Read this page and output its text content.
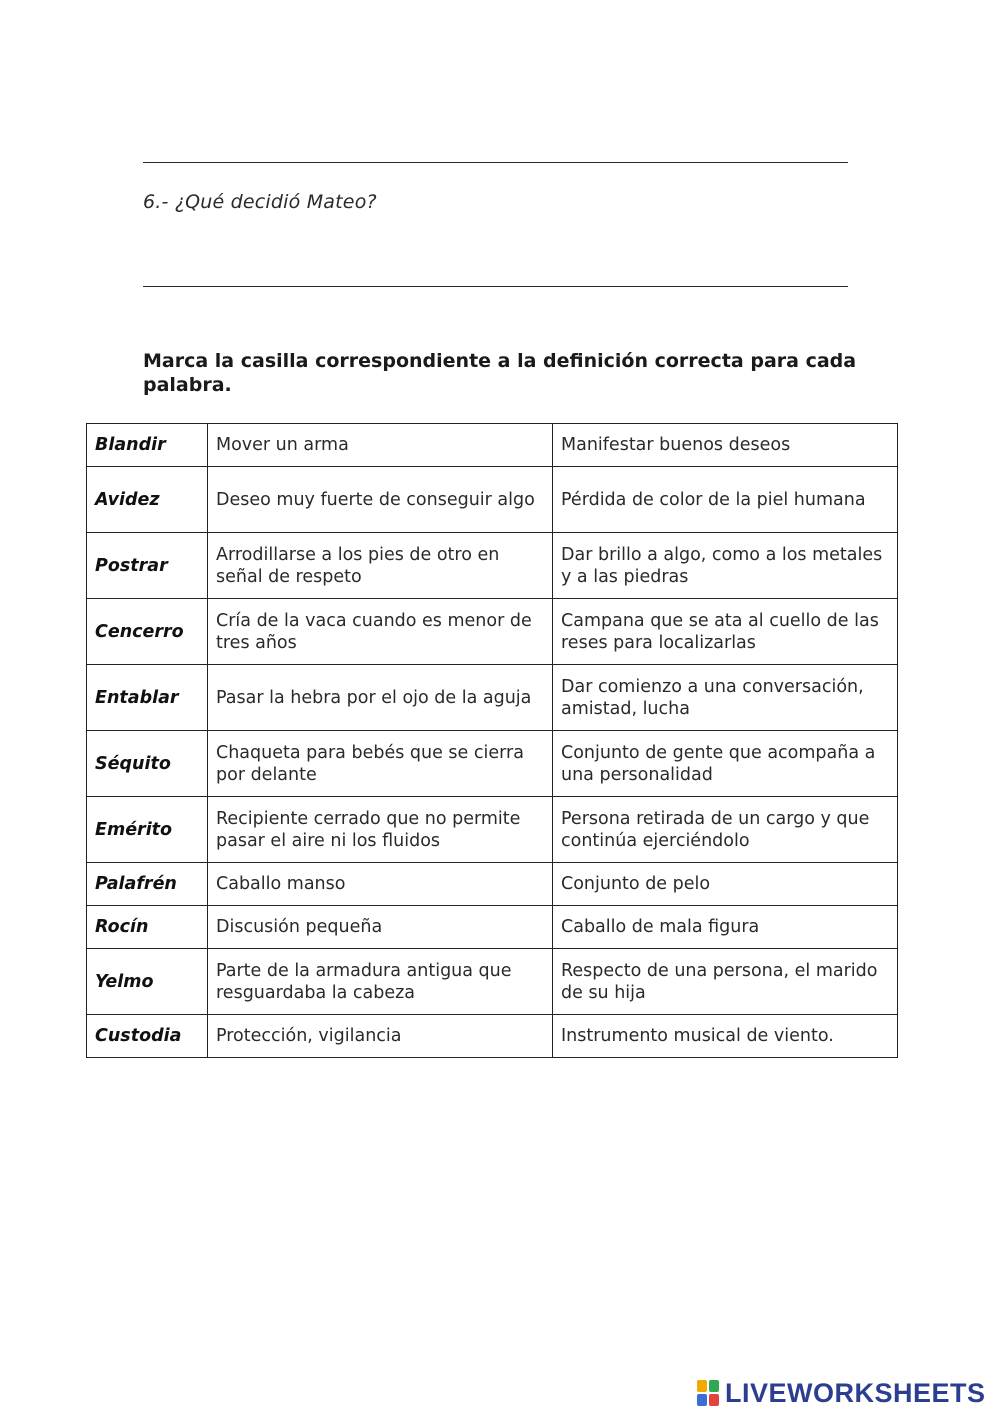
6.- ¿Qué decidió Mateo?
Marca la casilla correspondiente a la definición correcta para cada palabra.
Blandir	Mover un arma	Manifestar buenos deseos
Avidez	Deseo muy fuerte de conseguir algo	Pérdida de color de la piel humana
Postrar	Arrodillarse a los pies de otro en señal de respeto	Dar brillo a algo, como a los metales y a las piedras
Cencerro	Cría de la vaca cuando es menor de tres años	Campana que se ata al cuello de las reses para localizarlas
Entablar	Pasar la hebra por el ojo de la aguja	Dar comienzo a una conversación, amistad, lucha
Séquito	Chaqueta para bebés que se cierra por delante	Conjunto de gente que acompaña a una personalidad
Emérito	Recipiente cerrado que no permite pasar el aire ni los fluidos	Persona retirada de un cargo y que continúa ejerciéndolo
Palafrén	Caballo manso	Conjunto de pelo
Rocín	Discusión pequeña	Caballo de mala figura
Yelmo	Parte de la armadura antigua que resguardaba la cabeza	Respecto de una persona, el marido de su hija
Custodia	Protección, vigilancia	Instrumento musical de viento.
LIVEWORKSHEETS
